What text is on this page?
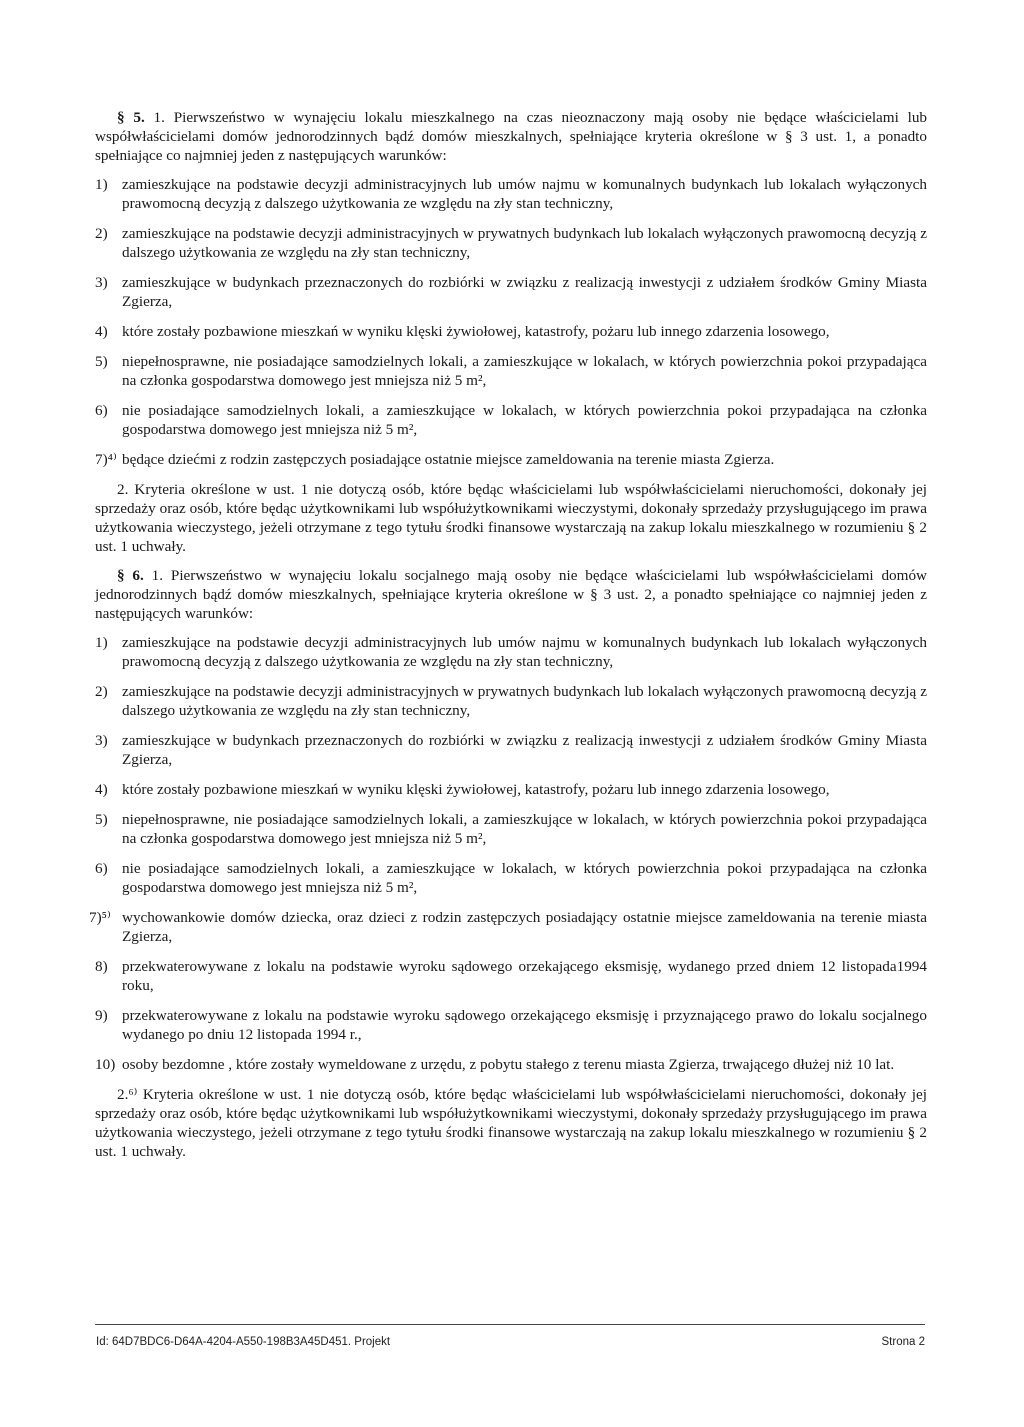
§ 5. 1. Pierwszeństwo w wynajęciu lokalu mieszkalnego na czas nieoznaczony mają osoby nie będące właścicielami lub współwłaścicielami domów jednorodzinnych bądź domów mieszkalnych, spełniające kryteria określone w § 3 ust. 1, a ponadto spełniające co najmniej jeden z następujących warunków:

1) zamieszkujące na podstawie decyzji administracyjnych lub umów najmu w komunalnych budynkach lub lokalach wyłączonych prawomocną decyzją z dalszego użytkowania ze względu na zły stan techniczny,
2) zamieszkujące na podstawie decyzji administracyjnych w prywatnych budynkach lub lokalach wyłączonych prawomocną decyzją z dalszego użytkowania ze względu na zły stan techniczny,
3) zamieszkujące w budynkach przeznaczonych do rozbiórki w związku z realizacją inwestycji z udziałem środków Gminy Miasta Zgierza,
4) które zostały pozbawione mieszkań w wyniku klęski żywiołowej, katastrofy, pożaru lub innego zdarzenia losowego,
5) niepełnosprawne, nie posiadające samodzielnych lokali, a zamieszkujące w lokalach, w których powierzchnia pokoi przypadająca na członka gospodarstwa domowego jest mniejsza niż 5 m²,
6) nie posiadające samodzielnych lokali, a zamieszkujące w lokalach, w których powierzchnia pokoi przypadająca na członka gospodarstwa domowego jest mniejsza niż 5 m²,
7)⁴⁾ będące dziećmi z rodzin zastępczych posiadające ostatnie miejsce zameldowania na terenie miasta Zgierza.

2. Kryteria określone w ust. 1 nie dotyczą osób, które będąc właścicielami lub współwłaścicielami nieruchomości, dokonały jej sprzedaży oraz osób, które będąc użytkownikami lub współużytkownikami wieczystymi, dokonały sprzedaży przysługującego im prawa użytkowania wieczystego, jeżeli otrzymane z tego tytułu środki finansowe wystarczają na zakup lokalu mieszkalnego w rozumieniu § 2 ust. 1 uchwały.

§ 6. 1. Pierwszeństwo w wynajęciu lokalu socjalnego mają osoby nie będące właścicielami lub współwłaścicielami domów jednorodzinnych bądź domów mieszkalnych, spełniające kryteria określone w § 3 ust. 2, a ponadto spełniające co najmniej jeden z następujących warunków:

1) zamieszkujące na podstawie decyzji administracyjnych lub umów najmu w komunalnych budynkach lub lokalach wyłączonych prawomocną decyzją z dalszego użytkowania ze względu na zły stan techniczny,
2) zamieszkujące na podstawie decyzji administracyjnych w prywatnych budynkach lub lokalach wyłączonych prawomocną decyzją z dalszego użytkowania ze względu na zły stan techniczny,
3) zamieszkujące w budynkach przeznaczonych do rozbiórki w związku z realizacją inwestycji z udziałem środków Gminy Miasta Zgierza,
4) które zostały pozbawione mieszkań w wyniku klęski żywiołowej, katastrofy, pożaru lub innego zdarzenia losowego,
5) niepełnosprawne, nie posiadające samodzielnych lokali, a zamieszkujące w lokalach, w których powierzchnia pokoi przypadająca na członka gospodarstwa domowego jest mniejsza niż 5 m²,
6) nie posiadające samodzielnych lokali, a zamieszkujące w lokalach, w których powierzchnia pokoi przypadająca na członka gospodarstwa domowego jest mniejsza niż 5 m²,
7)⁵⁾ wychowankowie domów dziecka, oraz dzieci z rodzin zastępczych posiadający ostatnie miejsce zameldowania na terenie miasta Zgierza,
8) przekwaterowywane z lokalu na podstawie wyroku sądowego orzekającego eksmisję, wydanego przed dniem 12 listopada1994 roku,
9) przekwaterowywane z lokalu na podstawie wyroku sądowego orzekającego eksmisję i przyznającego prawo do lokalu socjalnego wydanego po dniu 12 listopada 1994 r.,
10) osoby bezdomne , które zostały wymeldowane z urzędu, z pobytu stałego z terenu miasta Zgierza, trwającego dłużej niż 10 lat.

2.⁶⁾ Kryteria określone w ust. 1 nie dotyczą osób, które będąc właścicielami lub współwłaścicielami nieruchomości, dokonały jej sprzedaży oraz osób, które będąc użytkownikami lub współużytkownikami wieczystymi, dokonały sprzedaży przysługującego im prawa użytkowania wieczystego, jeżeli otrzymane z tego tytułu środki finansowe wystarczają na zakup lokalu mieszkalnego w rozumieniu § 2 ust. 1 uchwały.

Id: 64D7BDC6-D64A-4204-A550-198B3A45D451. Projekt	Strona 2
